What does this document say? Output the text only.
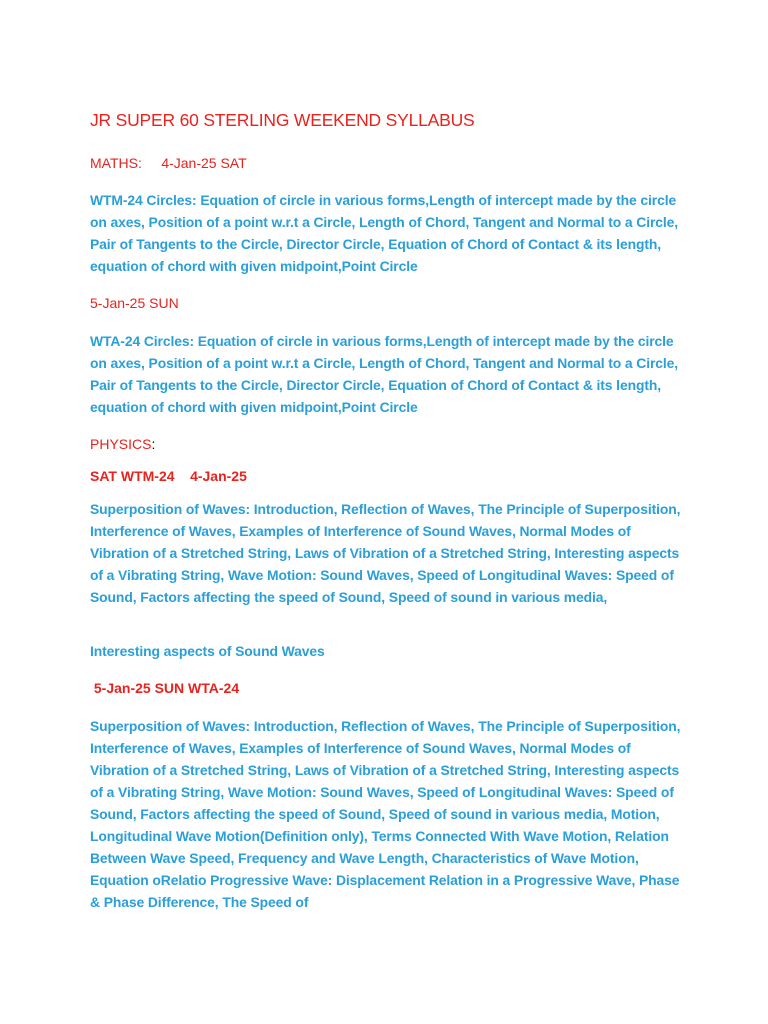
JR SUPER 60 STERLING WEEKEND SYLLABUS
MATHS: 4-Jan-25 SAT
WTM-24 Circles: Equation of circle in various forms,Length of intercept made by the circle on axes, Position of a point w.r.t a Circle, Length of Chord, Tangent and Normal to a Circle, Pair of Tangents to the Circle, Director Circle, Equation of Chord of Contact & its length, equation of chord with given midpoint,Point Circle
5-Jan-25 SUN
WTA-24 Circles: Equation of circle in various forms,Length of intercept made by the circle on axes, Position of a point w.r.t a Circle, Length of Chord, Tangent and Normal to a Circle, Pair of Tangents to the Circle, Director Circle, Equation of Chord of Contact & its length, equation of chord with given midpoint,Point Circle
PHYSICS:
SAT WTM-24    4-Jan-25
Superposition of Waves: Introduction, Reflection of Waves, The Principle of Superposition, Interference of Waves, Examples of Interference of Sound Waves, Normal Modes of Vibration of a Stretched String, Laws of Vibration of a Stretched String, Interesting aspects of a Vibrating String, Wave Motion: Sound Waves, Speed of Longitudinal Waves: Speed of Sound, Factors affecting the speed of Sound, Speed of sound in various media,
Interesting aspects of Sound Waves
5-Jan-25 SUN WTA-24
Superposition of Waves: Introduction, Reflection of Waves, The Principle of Superposition, Interference of Waves, Examples of Interference of Sound Waves, Normal Modes of Vibration of a Stretched String, Laws of Vibration of a Stretched String, Interesting aspects of a Vibrating String, Wave Motion: Sound Waves, Speed of Longitudinal Waves: Speed of Sound, Factors affecting the speed of Sound, Speed of sound in various media, Motion, Longitudinal Wave Motion(Definition only), Terms Connected With Wave Motion, Relation Between Wave Speed, Frequency and Wave Length, Characteristics of Wave Motion, Equation oRelatio Progressive Wave: Displacement Relation in a Progressive Wave, Phase & Phase Difference, The Speed of
